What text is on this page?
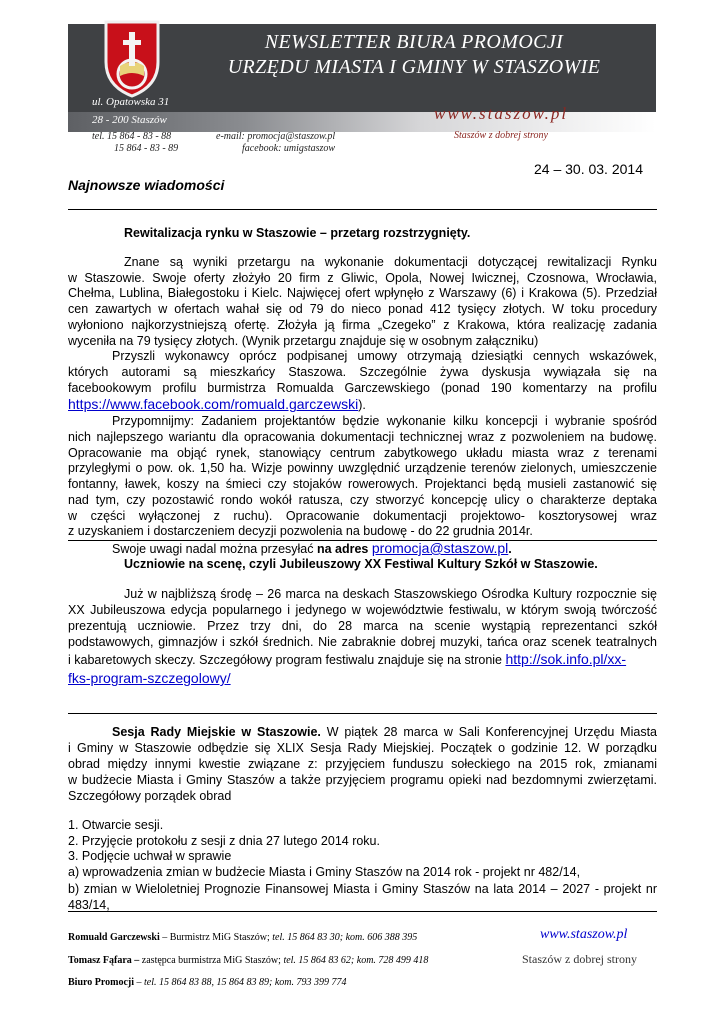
NEWSLETTER BIURA PROMOCJI
URZĘDU MIASTA I GMINY W STASZOWIE
ul. Opatowska 31
28 - 200 Staszów
tel. 15 864 - 83 - 88
15 864 - 83 - 89
e-mail: promocja@staszow.pl
facebook: umigstaszow
www.staszow.pl
Staszów z dobrej strony
24 – 30. 03. 2014
Najnowsze wiadomości
Rewitalizacja rynku w Staszowie – przetarg rozstrzygnięty.
Znane są wyniki przetargu na wykonanie dokumentacji dotyczącej rewitalizacji Rynku
w Staszowie. Swoje oferty złożyło 20 firm z Gliwic, Opola, Nowej Iwicznej, Czosnowa, Wrocławia,
Chełma, Lublina, Białegostoku i Kielc. Najwięcej ofert wpłynęło z Warszawy (6) i Krakowa (5). Przedział
cen zawartych w ofertach wahał się od 79 do nieco ponad 412 tysięcy złotych. W toku procedury
wyłoniono najkorzystniejszą ofertę. Złożyła ją firma „Czegeko” z Krakowa, która realizację zadania
wyceniła na 79 tysięcy złotych. (Wynik przetargu znajduje się w osobnym załączniku)
Przyszli wykonawcy oprócz podpisanej umowy otrzymają dziesiątki cennych wskazówek,
których autorami są mieszkańcy Staszowa. Szczególnie żywa dyskusja wywiązała się na
facebookowym profilu burmistrza Romualda Garczewskiego (ponad 190 komentarzy na profilu
https://www.facebook.com/romuald.garczewski).
Przypomnijmy: Zadaniem projektantów będzie wykonanie kilku koncepcji i wybranie spośród
nich najlepszego wariantu dla opracowania dokumentacji technicznej wraz z pozwoleniem na budowę.
Opracowanie ma objąć rynek, stanowiący centrum zabytkowego układu miasta wraz z terenami
przyległymi o pow. ok. 1,50 ha. Wizje powinny uwzględnić urządzenie terenów zielonych, umieszczenie
fontanny, ławek, koszy na śmieci czy stojaków rowerowych. Projektanci będą musieli zastanowić się
nad tym, czy pozostawić rondo wokół ratusza, czy stworzyć koncepcję ulicy o charakterze deptaka
w części wyłączonej z ruchu). Opracowanie dokumentacji projektowo- kosztorysowej wraz
z uzyskaniem i dostarczeniem decyzji pozwolenia na budowę - do 22 grudnia 2014r.
Swoje uwagi nadal można przesyłać na adres promocja@staszow.pl.
Uczniowie na scenę, czyli Jubileuszowy XX Festiwal Kultury Szkół w Staszowie.
Już w najbliższą środę – 26 marca na deskach Staszowskiego Ośrodka Kultury rozpocznie się
XX Jubileuszowa edycja popularnego i jedynego w województwie festiwalu, w którym swoją twórczość
prezentują uczniowie. Przez trzy dni, do 28 marca na scenie wystąpią reprezentanci szkół
podstawowych, gimnazjów i szkół średnich. Nie zabraknie dobrej muzyki, tańca oraz scenek teatralnych
i kabaretowych skeczy. Szczegółowy program festiwalu znajduje się na stronie http://sok.info.pl/xx-
fks-program-szczegolowy/
Sesja Rady Miejskie w Staszowie. W piątek 28 marca w Sali Konferencyjnej Urzędu Miasta
i Gminy w Staszowie odbędzie się XLIX Sesja Rady Miejskiej. Początek o godzinie 12. W porządku
obrad między innymi kwestie związane z: przyjęciem funduszu sołeckiego na 2015 rok, zmianami
w budżecie Miasta i Gminy Staszów a także przyjęciem programu opieki nad bezdomnymi zwierzętami.
Szczegółowy porządek obrad
1. Otwarcie sesji.
2. Przyjęcie protokołu z sesji z dnia 27 lutego 2014 roku.
3. Podjęcie uchwał w sprawie
a) wprowadzenia zmian w budżecie Miasta i Gminy Staszów na 2014 rok - projekt nr 482/14,
b) zmian w Wieloletniej Prognozie Finansowej Miasta i Gminy Staszów na lata 2014 – 2027 - projekt nr
483/14,
Romuald Garczewski – Burmistrz MiG Staszów; tel. 15 864 83 30; kom. 606 388 395
Tomasz Fąfara – zastępca burmistrza MiG Staszów; tel. 15 864 83 62; kom. 728 499 418
Biuro Promocji – tel. 15 864 83 88, 15 864 83 89; kom. 793 399 774
www.staszow.pl
Staszów z dobrej strony
